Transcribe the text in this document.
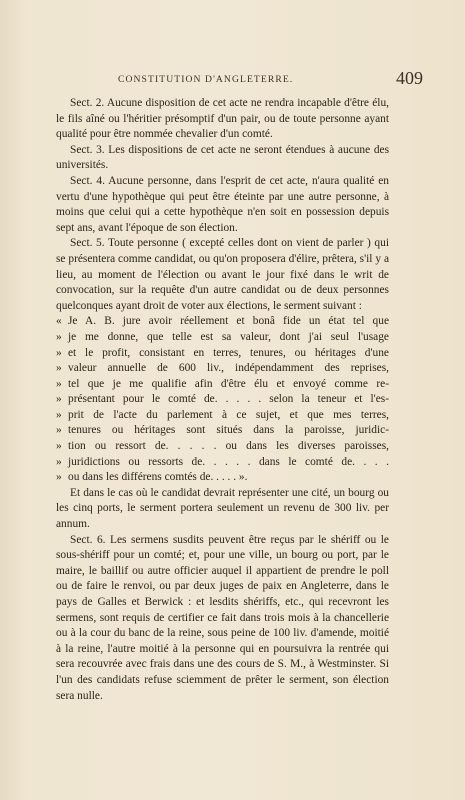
CONSTITUTION D'ANGLETERRE.	409

Sect. 2. Aucune disposition de cet acte ne rendra incapable d'être élu, le fils aîné ou l'héritier présomptif d'un pair, ou de toute personne ayant qualité pour être nommée chevalier d'un comté.

Sect. 3. Les dispositions de cet acte ne seront étendues à aucune des universités.

Sect. 4. Aucune personne, dans l'esprit de cet acte, n'aura qualité en vertu d'une hypothèque qui peut être éteinte par une autre personne, à moins que celui qui a cette hypothèque n'en soit en possession depuis sept ans, avant l'époque de son élection.

Sect. 5. Toute personne ( excepté celles dont on vient de parler ) qui se présentera comme candidat, ou qu'on proposera d'élire, prêtera, s'il y a lieu, au moment de l'élection ou avant le jour fixé dans le writ de convocation, sur la requête d'un autre candidat ou de deux personnes quelconques ayant droit de voter aux élections, le serment suivant :

« Je A. B. jure avoir réellement et bonâ fide un état tel que
» je me donne, que telle est sa valeur, dont j'ai seul l'usage
» et le profit, consistant en terres, tenures, ou héritages d'une
» valeur annuelle de 600 liv., indépendamment des reprises,
» tel que je me qualifie afin d'être élu et envoyé comme re-
» présentant pour le comté de. . . . . selon la teneur et l'es-
» prit de l'acte du parlement à ce sujet, et que mes terres,
» tenures ou héritages sont situés dans la paroisse, juridic-
» tion ou ressort de. . . . . ou dans les diverses paroisses,
» juridictions ou ressorts de. . . . . dans le comté de. . . .
» ou dans les différens comtés de. . . . . ».

Et dans le cas où le candidat devrait représenter une cité, un bourg ou les cinq ports, le serment portera seulement un revenu de 300 liv. per annum.

Sect. 6. Les sermens susdits peuvent être reçus par le shériff ou le sous-shériff pour un comté; et, pour une ville, un bourg ou port, par le maire, le baillif ou autre officier auquel il appartient de prendre le poll ou de faire le renvoi, ou par deux juges de paix en Angleterre, dans le pays de Galles et Berwick : et lesdits shériffs, etc., qui recevront les sermens, sont requis de certifier ce fait dans trois mois à la chancellerie ou à la cour du banc de la reine, sous peine de 100 liv. d'amende, moitié à la reine, l'autre moitié à la personne qui en poursuivra la rentrée qui sera recouvrée avec frais dans une des cours de S. M., à Westminster. Si l'un des candidats refuse sciemment de prêter le serment, son élection sera nulle.
